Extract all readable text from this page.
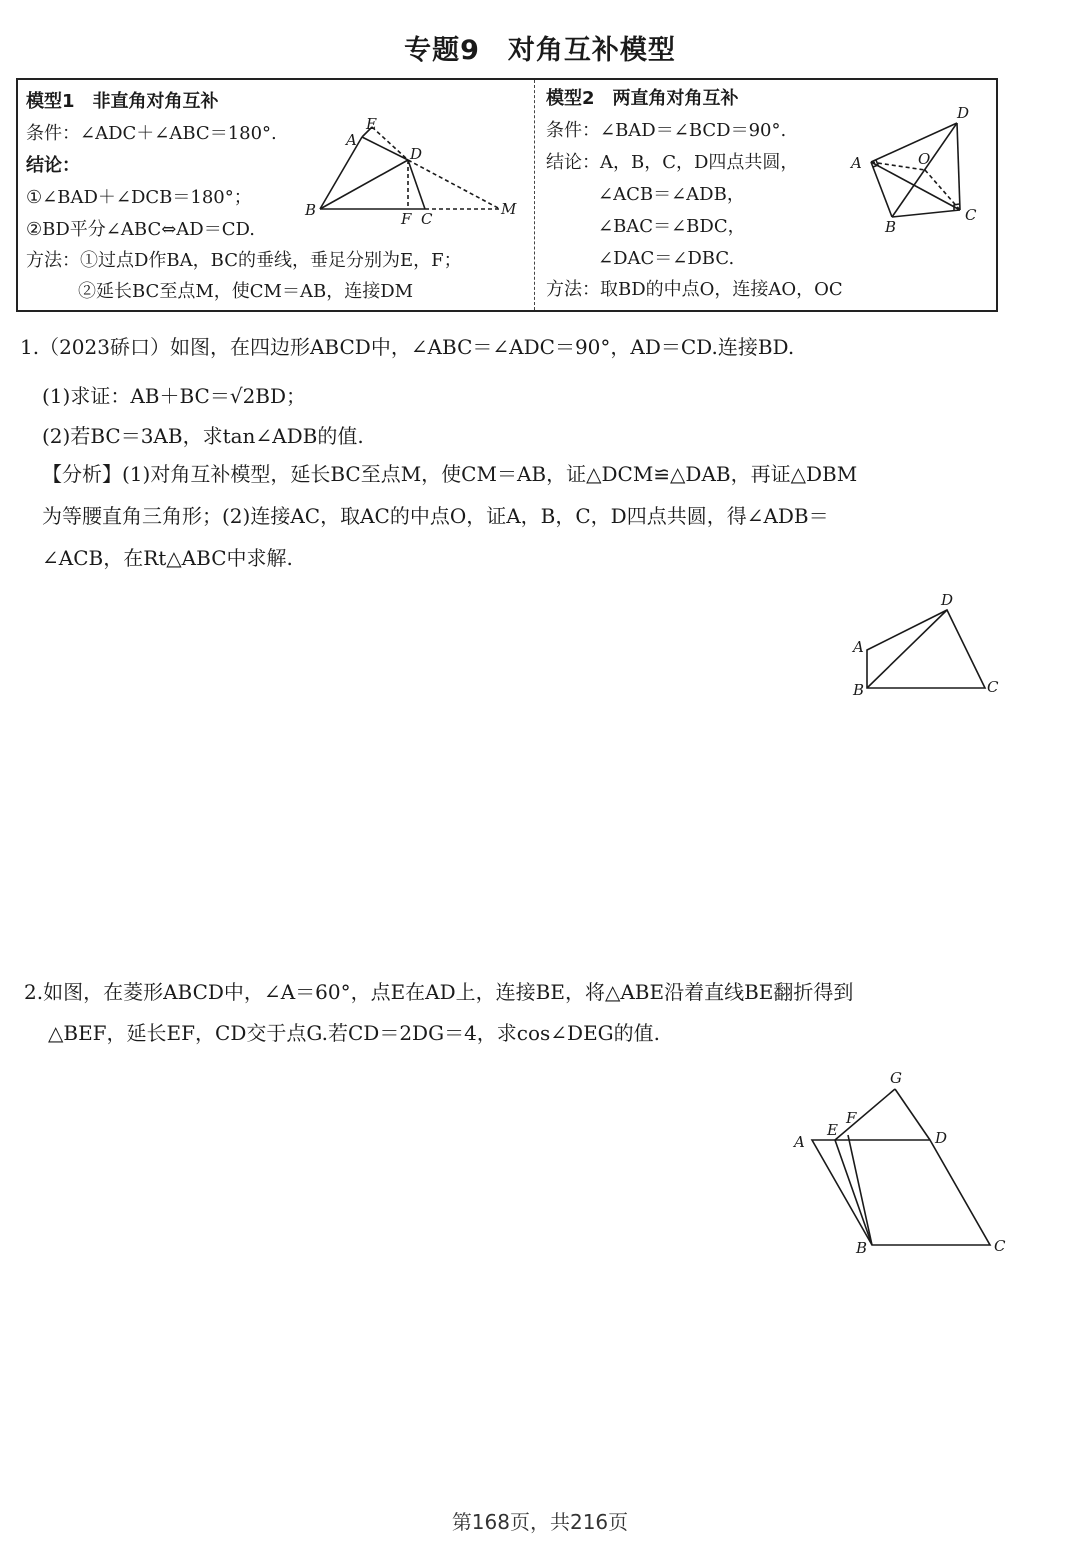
专题9　对角互补模型
模型1　非直角对角互补
条件：∠ADC＋∠ABC＝180°.
结论：
①∠BAD＋∠DCB＝180°；
②BD平分∠ABC⇔AD＝CD.
方法：①过点D作BA，BC的垂线，垂足分别为E，F；
②延长BC至点M，使CM＝AB，连接DM
A
E
D
B	F C
M
模型2　两直角对角互补
条件：∠BAD＝∠BCD＝90°.
结论：A，B，C，D四点共圆，
∠ACB＝∠ADB，
∠BAC＝∠BDC，
∠DAC＝∠DBC.
方法：取BD的中点O，连接AO，OC
D
A	O
B
C
1.（2023硚口）如图，在四边形ABCD中，∠ABC＝∠ADC＝90°，AD＝CD.连接BD.
(1)求证：AB＋BC＝√2BD；
(2)若BC＝3AB，求tan∠ADB的值.
【分析】(1)对角互补模型，延长BC至点M，使CM＝AB，证△DCM≌△DAB，再证△DBM
为等腰直角三角形；(2)连接AC，取AC的中点O，证A，B，C，D四点共圆，得∠ADB＝
∠ACB，在Rt△ABC中求解.
D
A
B	C
2.如图，在菱形ABCD中，∠A＝60°，点E在AD上，连接BE，将△ABE沿着直线BE翻折得到
△BEF，延长EF，CD交于点G.若CD＝2DG＝4，求cos∠DEG的值.
G
F
A
E	D
B	C
第168页，共216页
